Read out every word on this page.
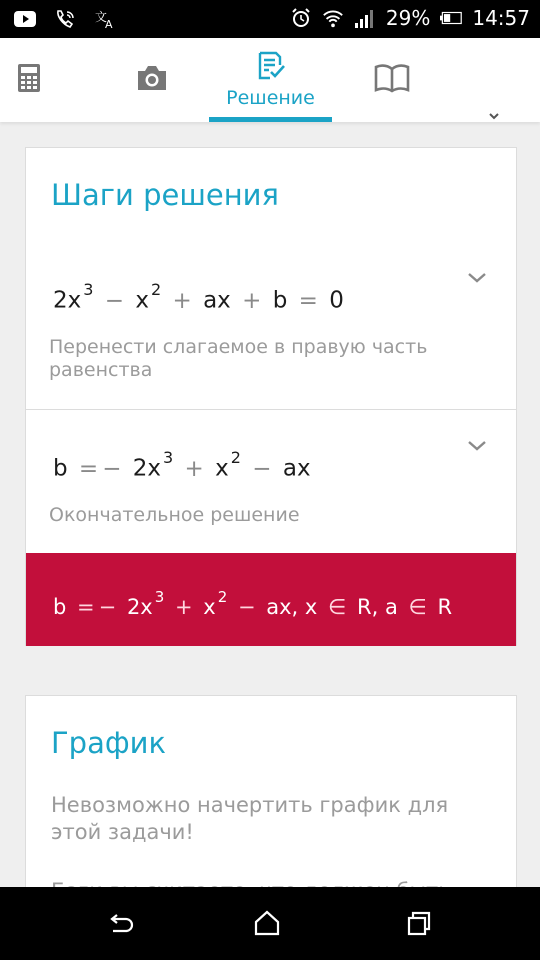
文
A	29% 14:57
Решение
Шаги решения
2x $^3$ − x $^2$ + ax + b = 0
Перенести слагаемое в правую часть равенства
b = − 2x $^3$ + x $^2$ − ax
Окончательное решение
b = − 2x $^3$ + x $^2$ − ax, x ∈ R, a ∈ R
График
Невозможно начертить график для этой задачи!
